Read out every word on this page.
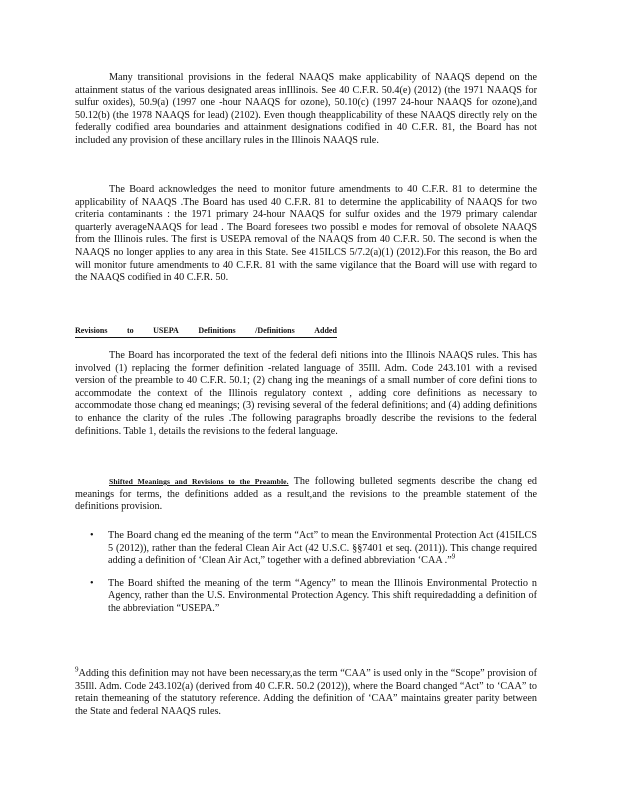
Many transitional provisions in the federal NAAQS make applicability of NAAQS depend on the attainment status of the various designated areas inIllinois. See 40 C.F.R. 50.4(e) (2012) (the 1971 NAAQS for sulfur oxides), 50.9(a) (1997 one -hour NAAQS for ozone), 50.10(c) (1997 24-hour NAAQS for ozone),and 50.12(b) (the 1978 NAAQS for lead) (2102). Even though theapplicability of these NAAQS directly rely on the federally codified area boundaries and attainment designations codified in 40 C.F.R. 81, the Board has not included any provision of these ancillary rules in the Illinois NAAQS rule.

The Board acknowledges the need to monitor future amendments to 40 C.F.R. 81 to determine the applicability of NAAQS .The Board has used 40 C.F.R. 81 to determine the applicability of NAAQS for two criteria contaminants : the 1971 primary 24-hour NAAQS for sulfur oxides and the 1979 primary calendar quarterly averageNAAQS for lead . The Board foresees two possibl e modes for removal of obsolete NAAQS from the Illinois rules. The first is USEPA removal of the NAAQS from 40 C.F.R. 50. The second is when the NAAQS no longer applies to any area in this State. See 415ILCS 5/7.2(a)(1) (2012).For this reason, the Bo ard will monitor future amendments to 40 C.F.R. 81 with the same vigilance that the Board will use with regard to the NAAQS codified in 40 C.F.R. 50.

Revisions to USEPA Definitions /Definitions Added

The Board has incorporated the text of the federal defi nitions into the Illinois NAAQS rules. This has involved (1) replacing the former definition -related language of 35Ill. Adm. Code 243.101 with a revised version of the preamble to 40 C.F.R. 50.1; (2) chang ing the meanings of a small number of core defini tions to accommodate the context of the Illinois regulatory context , adding core definitions as necessary to accommodate those chang ed meanings; (3) revising several of the federal definitions; and (4) adding definitions to enhance the clarity of the rules .The following paragraphs broadly describe the revisions to the federal definitions. Table 1, details the revisions to the federal language.

Shifted Meanings and Revisions to the Preamble. The following bulleted segments describe the chang ed meanings for terms, the definitions added as a result,and the revisions to the preamble statement of the definitions provision.

• The Board chang ed the meaning of the term “Act” to mean the Environmental Protection Act (415ILCS 5 (2012)), rather than the federal Clean Air Act (42 U.S.C. §§7401 et seq. (2011)). This change required adding a definition of ‘Clean Air Act,” together with a defined abbreviation ‘CAA .”$^9$
• The Board shifted the meaning of the term “Agency” to mean the Illinois Environmental Protectio n Agency, rather than the U.S. Environmental Protection Agency. This shift requiredadding a definition of the abbreviation “USEPA.”

$^9$Adding this definition may not have been necessary,as the term “CAA” is used only in the “Scope” provision of 35Ill. Adm. Code 243.102(a) (derived from 40 C.F.R. 50.2 (2012)), where the Board changed “Act” to ‘CAA” to retain themeaning of the statutory reference. Adding the definition of ‘CAA” maintains greater parity between the State and federal NAAQS rules.
